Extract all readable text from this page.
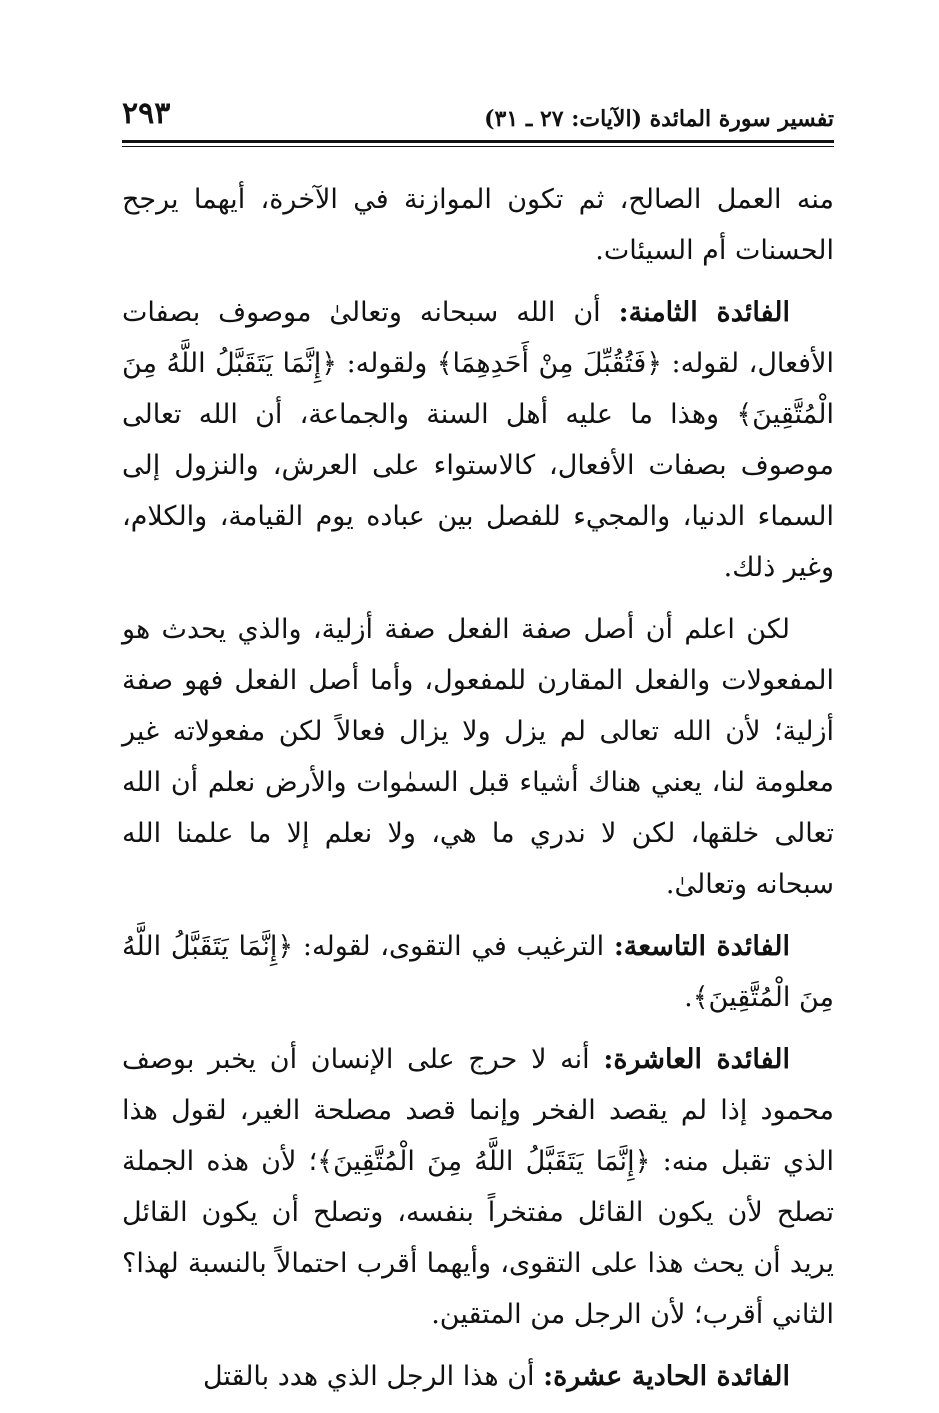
تفسير سورة المائدة (الآيات: ٢٧ ـ ٣١)
٢٩٣

منه العمل الصالح، ثم تكون الموازنة في الآخرة، أيهما يرجح الحسنات أم السيئات.

الفائدة الثامنة: أن الله سبحانه وتعالىٰ موصوف بصفات الأفعال، لقوله: ﴿فَتُقُبِّلَ مِنْ أَحَدِهِمَا﴾ ولقوله: ﴿إِنَّمَا يَتَقَبَّلُ اللَّهُ مِنَ الْمُتَّقِينَ﴾ وهذا ما عليه أهل السنة والجماعة، أن الله تعالى موصوف بصفات الأفعال، كالاستواء على العرش، والنزول إلى السماء الدنيا، والمجيء للفصل بين عباده يوم القيامة، والكلام، وغير ذلك.

لكن اعلم أن أصل صفة الفعل صفة أزلية، والذي يحدث هو المفعولات والفعل المقارن للمفعول، وأما أصل الفعل فهو صفة أزلية؛ لأن الله تعالى لم يزل ولا يزال فعالاً لكن مفعولاته غير معلومة لنا، يعني هناك أشياء قبل السمٰوات والأرض نعلم أن الله تعالى خلقها، لكن لا ندري ما هي، ولا نعلم إلا ما علمنا الله سبحانه وتعالىٰ.

الفائدة التاسعة: الترغيب في التقوى، لقوله: ﴿إِنَّمَا يَتَقَبَّلُ اللَّهُ مِنَ الْمُتَّقِينَ﴾.

الفائدة العاشرة: أنه لا حرج على الإنسان أن يخبر بوصف محمود إذا لم يقصد الفخر وإنما قصد مصلحة الغير، لقول هذا الذي تقبل منه: ﴿إِنَّمَا يَتَقَبَّلُ اللَّهُ مِنَ الْمُتَّقِينَ﴾؛ لأن هذه الجملة تصلح لأن يكون القائل مفتخراً بنفسه، وتصلح أن يكون القائل يريد أن يحث هذا على التقوى، وأيهما أقرب احتمالاً بالنسبة لهذا؟ الثاني أقرب؛ لأن الرجل من المتقين.

الفائدة الحادية عشرة: أن هذا الرجل الذي هدد بالقتل
